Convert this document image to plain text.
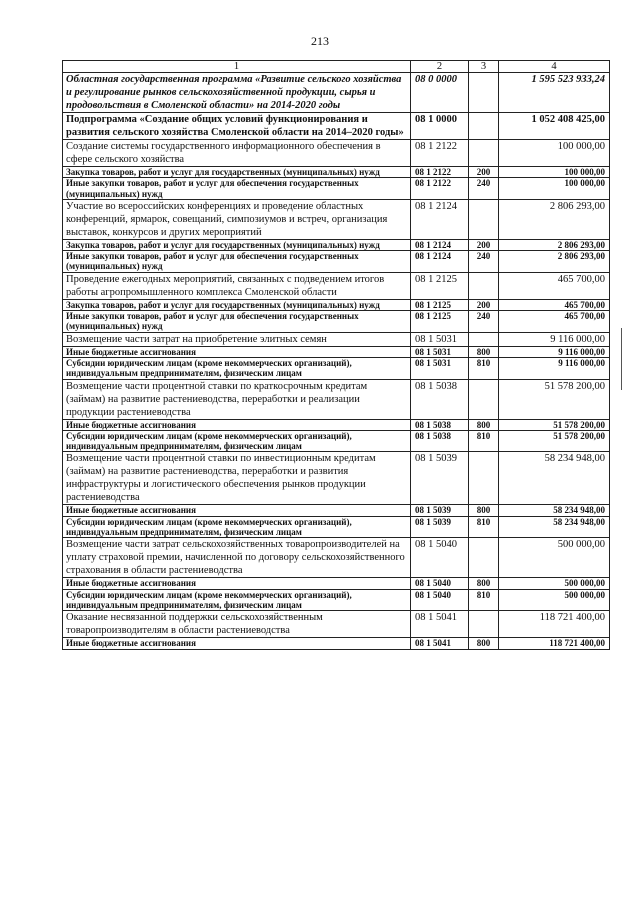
213
1	2	3	4
Областная государственная программа «Развитие сельского хозяйства и регулирование рынков сельскохозяйственной продукции, сырья и продовольствия в Смоленской области» на 2014-2020 годы	08 0 0000		1 595 523 933,24
Подпрограмма «Создание общих условий функционирования и развития сельского хозяйства Смоленской области на 2014–2020 годы»	08 1 0000		1 052 408 425,00
Создание системы государственного информационного обеспечения в сфере сельского хозяйства	08 1 2122		100 000,00
Закупка товаров, работ и услуг для государственных (муниципальных) нужд	08 1 2122	200	100 000,00
Иные закупки товаров, работ и услуг для обеспечения государственных (муниципальных) нужд	08 1 2122	240	100 000,00
Участие во всероссийских конференциях и проведение областных конференций, ярмарок, совещаний, симпозиумов и встреч, организация выставок, конкурсов и других мероприятий	08 1 2124		2 806 293,00
Закупка товаров, работ и услуг для государственных (муниципальных) нужд	08 1 2124	200	2 806 293,00
Иные закупки товаров, работ и услуг для обеспечения государственных (муниципальных) нужд	08 1 2124	240	2 806 293,00
Проведение ежегодных мероприятий, связанных с подведением итогов работы агропромышленного комплекса Смоленской области	08 1 2125		465 700,00
Закупка товаров, работ и услуг для государственных (муниципальных) нужд	08 1 2125	200	465 700,00
Иные закупки товаров, работ и услуг для обеспечения государственных (муниципальных) нужд	08 1 2125	240	465 700,00
Возмещение части затрат на приобретение элитных семян	08 1 5031		9 116 000,00
Иные бюджетные ассигнования	08 1 5031	800	9 116 000,00
Субсидии юридическим лицам (кроме некоммерческих организаций), индивидуальным предпринимателям, физическим лицам	08 1 5031	810	9 116 000,00
Возмещение части процентной ставки по краткосрочным кредитам (займам) на развитие растениеводства, переработки и реализации продукции растениеводства	08 1 5038		51 578 200,00
Иные бюджетные ассигнования	08 1 5038	800	51 578 200,00
Субсидии юридическим лицам (кроме некоммерческих организаций), индивидуальным предпринимателям, физическим лицам	08 1 5038	810	51 578 200,00
Возмещение части процентной ставки по инвестиционным кредитам (займам) на развитие растениеводства, переработки и развития инфраструктуры и логистического обеспечения рынков продукции растениеводства	08 1 5039		58 234 948,00
Иные бюджетные ассигнования	08 1 5039	800	58 234 948,00
Субсидии юридическим лицам (кроме некоммерческих организаций), индивидуальным предпринимателям, физическим лицам	08 1 5039	810	58 234 948,00
Возмещение части затрат сельскохозяйственных товаропроизводителей на уплату страховой премии, начисленной по договору сельскохозяйственного страхования в области растениеводства	08 1 5040		500 000,00
Иные бюджетные ассигнования	08 1 5040	800	500 000,00
Субсидии юридическим лицам (кроме некоммерческих организаций), индивидуальным предпринимателям, физическим лицам	08 1 5040	810	500 000,00
Оказание несвязанной поддержки сельскохозяйственным товаропроизводителям в области растениеводства	08 1 5041		118 721 400,00
Иные бюджетные ассигнования	08 1 5041	800	118 721 400,00
